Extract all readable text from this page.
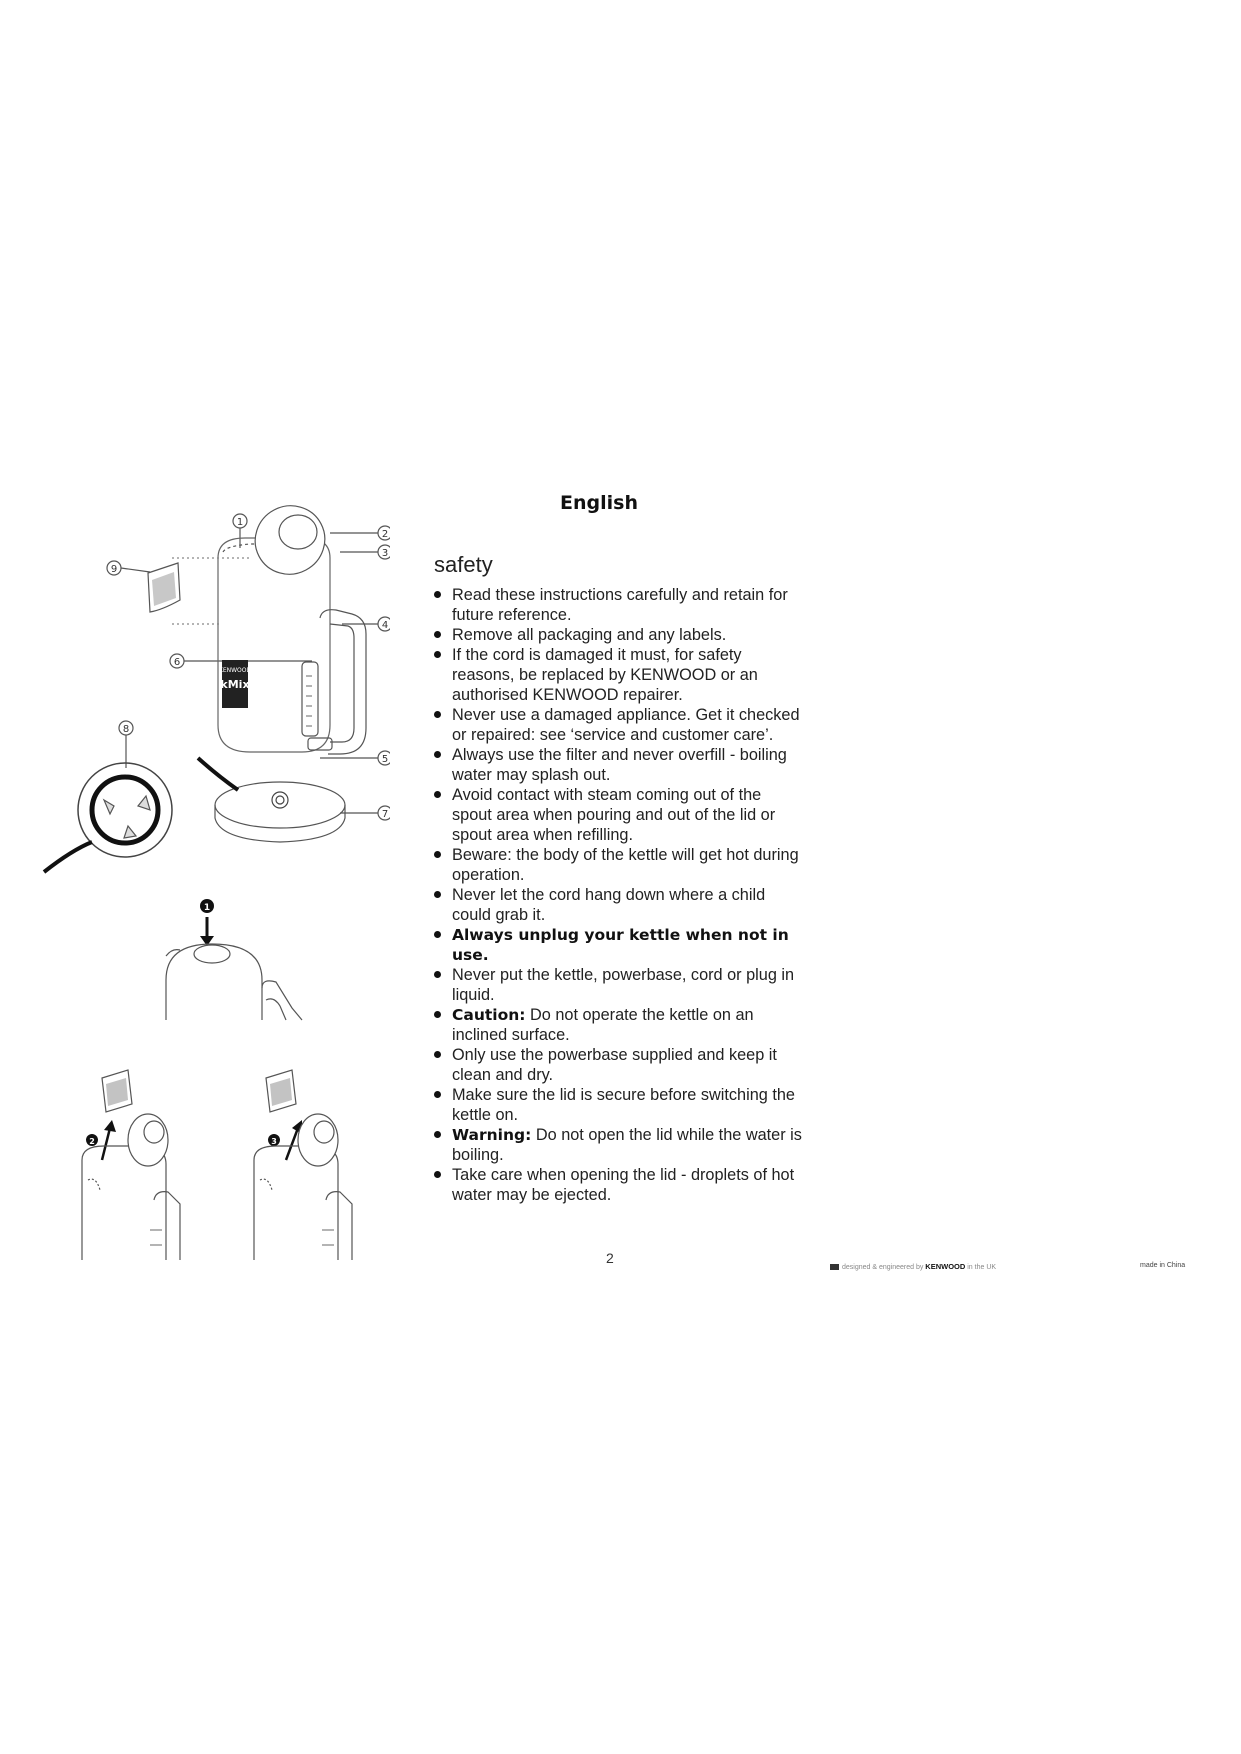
1
2
3
4
5
6
7
8
9
KENWOOD
kMix
1
2	3
English
safety
Read these instructions carefully and retain for future reference.
Remove all packaging and any labels.
If the cord is damaged it must, for safety reasons, be replaced by KENWOOD or an authorised KENWOOD repairer.
Never use a damaged appliance. Get it checked or repaired: see ‘service and customer care’.
Always use the filter and never overfill - boiling water may splash out.
Avoid contact with steam coming out of the spout area when pouring and out of the lid or spout area when refilling.
Beware: the body of the kettle will get hot during operation.
Never let the cord hang down where a child could grab it.
Always unplug your kettle when not in use.
Never put the kettle, powerbase, cord or plug in liquid.
Caution: Do not operate the kettle on an inclined surface.
Only use the powerbase supplied and keep it clean and dry.
Make sure the lid is secure before switching the kettle on.
Warning: Do not open the lid while the water is boiling.
Take care when opening the lid - droplets of hot water may be ejected.
2
designed & engineered by KENWOOD in the UK	made in China
